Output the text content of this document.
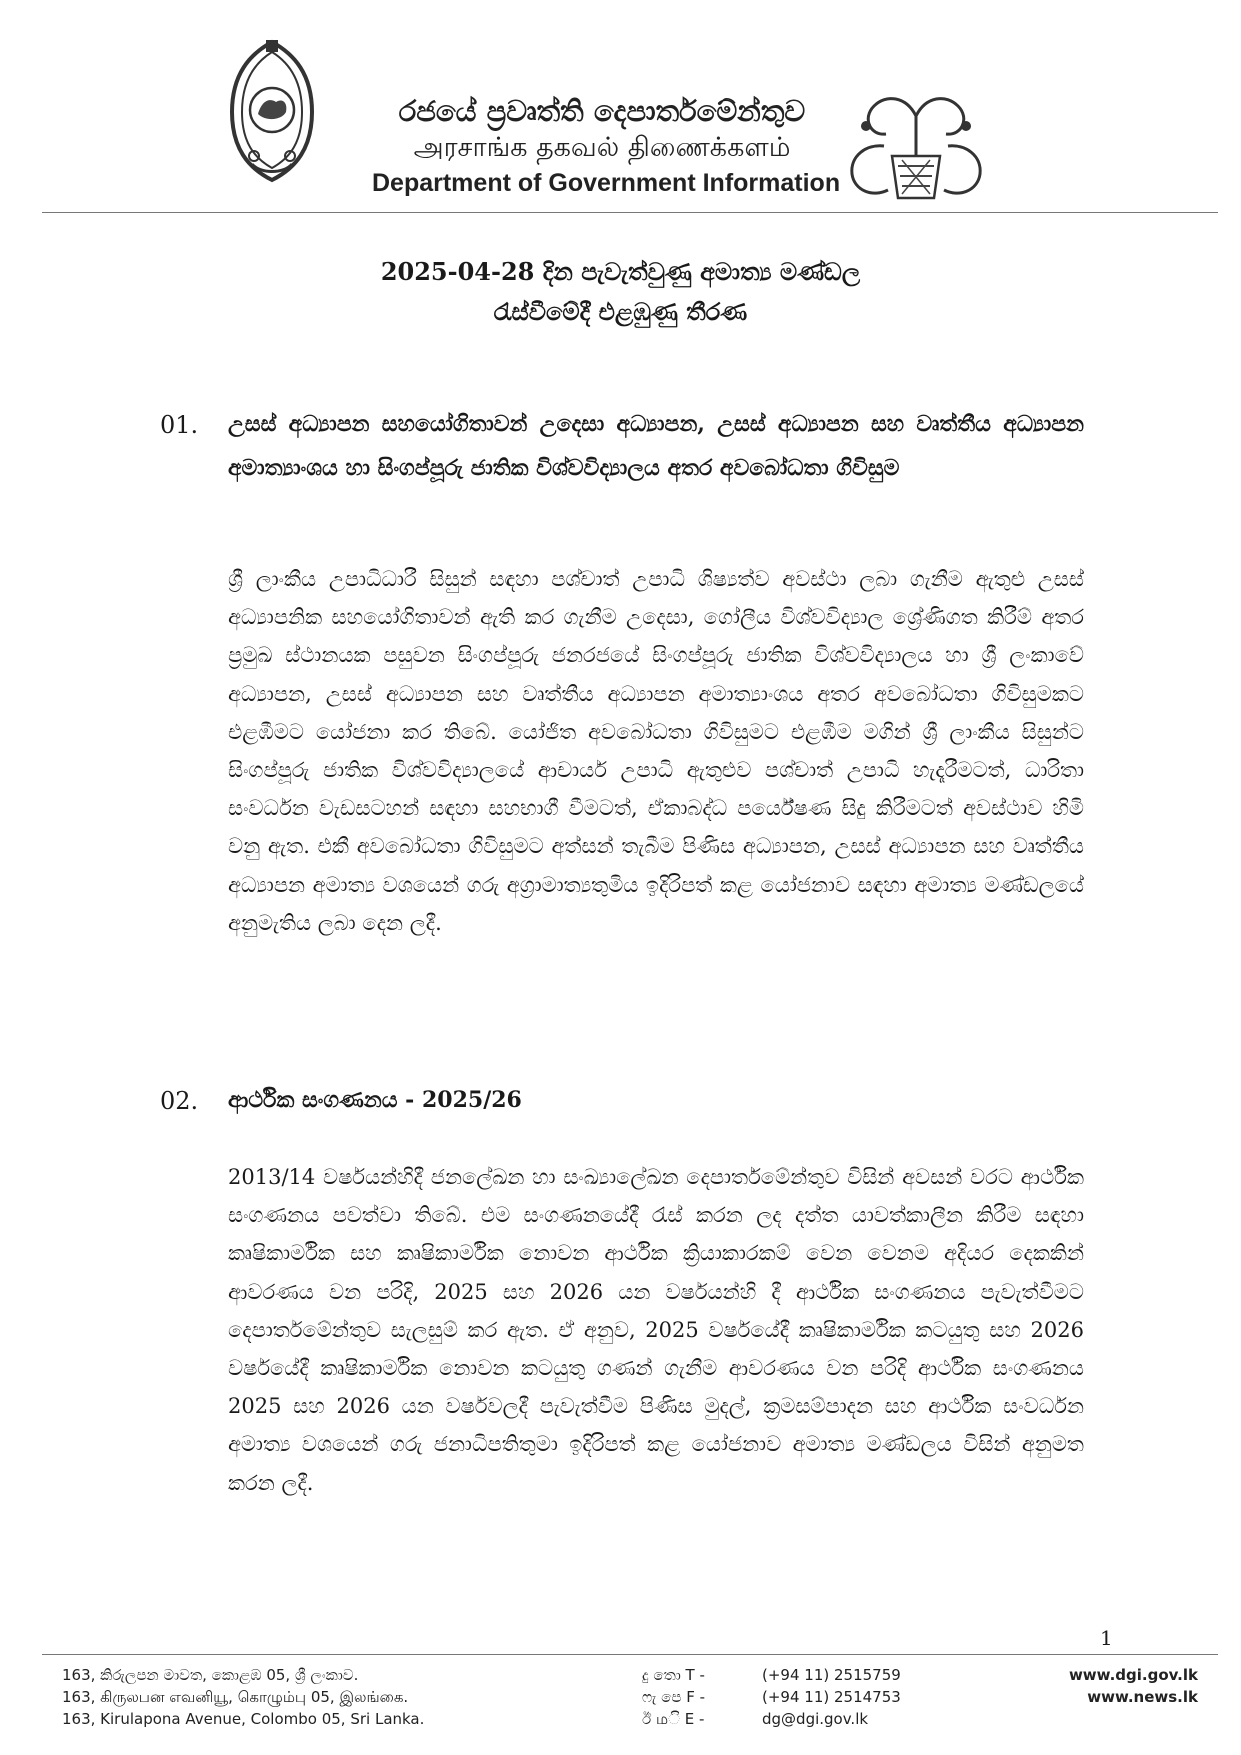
රජයේ ප්‍රවෘත්ති දෙපාර්තමේන්තුව
அரசாங்க தகவல் திணைக்களம்
Department of Government Information
2025-04-28 දින පැවැත්වුණු අමාත්‍ය මණ්ඩල
රැස්වීමේදී එළඹුණු තීරණ
01. උසස් අධ්‍යාපන සහයෝගිතාවන් උදෙසා අධ්‍යාපන, උසස් අධ්‍යාපන සහ වෘත්තීය අධ්‍යාපන අමාත්‍යාංශය හා සිංගප්පූරු ජාතික විශ්වවිද්‍යාලය අතර අවබෝධතා ගිවිසුම
ශ්‍රී ලාංකීය උපාධිධාරී සිසුන් සඳහා පශ්චාත් උපාධි ශිෂ්‍යත්ව අවස්ථා ලබා ගැනීම ඇතුළු උසස් අධ්‍යාපනික සහයෝගිතාවන් ඇති කර ගැනීම උදෙසා, ගෝලීය විශ්වවිද්‍යාල ශ්‍රේණිගත කිරීම් අතර ප්‍රමුඛ ස්ථානයක පසුවන සිංගප්පූරු ජනරජයේ සිංගප්පූරු ජාතික විශ්වවිද්‍යාලය හා ශ්‍රී ලංකාවේ අධ්‍යාපන, උසස් අධ්‍යාපන සහ වෘත්තීය අධ්‍යාපන අමාත්‍යාංශය අතර අවබෝධතා ගිවිසුමකට එළඹීමට යෝජනා කර තිබේ. යෝජිත අවබෝධතා ගිවිසුමට එළඹීම මගින් ශ්‍රී ලාංකීය සිසුන්ට සිංගප්පූරු ජාතික විශ්වවිද්‍යාලයේ ආචාර්ය උපාධි ඇතුළුව පශ්චාත් උපාධි හැදෑරීමටත්, ධාරිතා සංවර්ධන වැඩසටහන් සඳහා සහභාගී වීමටත්, ඒකාබද්ධ පර්යේෂණ සිදු කිරීමටත් අවස්ථාව හිමි වනු ඇත. එකී අවබෝධතා ගිවිසුමට අත්සන් තැබීම පිණිස අධ්‍යාපන, උසස් අධ්‍යාපන සහ වෘත්තීය අධ්‍යාපන අමාත්‍ය වශයෙන් ගරු අග්‍රාමාත්‍යතුමිය ඉදිරිපත් කළ යෝජනාව සඳහා අමාත්‍ය මණ්ඩලයේ අනුමැතිය ලබා දෙන ලදී.
02. ආර්ථික සංගණනය - 2025/26
2013/14 වර්ෂයන්හිදී ජනලේඛන හා සංඛ්‍යාලේඛන දෙපාර්තමේන්තුව විසින් අවසන් වරට ආර්ථික සංගණනය පවත්වා තිබේ. එම සංගණනයේදී රැස් කරන ලද දත්ත යාවත්කාලීන කිරීම සඳහා කෘෂිකාර්මික සහ කෘෂිකාර්මික නොවන ආර්ථික ක්‍රියාකාරකම් වෙන වෙනම අදියර දෙකකින් ආවරණය වන පරිදි, 2025 සහ 2026 යන වර්ෂයන්හි දී ආර්ථික සංගණනය පැවැත්වීමට දෙපාර්තමේන්තුව සැලසුම් කර ඇත. ඒ අනුව, 2025 වර්ෂයේදී කෘෂිකාර්මික කටයුතු සහ 2026 වර්ෂයේදී කෘෂිකාර්මික නොවන කටයුතු ගණන් ගැනීම ආවරණය වන පරිදි ආර්ථික සංගණනය 2025 සහ 2026 යන වර්ෂවලදී පැවැත්වීම පිණිස මුදල්, ක්‍රමසම්පාදන සහ ආර්ථික සංවර්ධන අමාත්‍ය වශයෙන් ගරු ජනාධිපතිතුමා ඉදිරිපත් කළ යෝජනාව අමාත්‍ය මණ්ඩලය විසින් අනුමත කරන ලදී.
1
163, කිරුලපන මාවත, කොළඹ 05, ශ්‍රී ලංකාව.
163, கிருலபன எவனியூ, கொழும்பு 05, இலங்கை.
163, Kirulapona Avenue, Colombo 05, Sri Lanka.
දු තො T -	(+94 11) 2515759
ෆැ පෙ F -	(+94 11) 2514753
ඊ மි E -	dg@dgi.gov.lk
www.dgi.gov.lk
www.news.lk
